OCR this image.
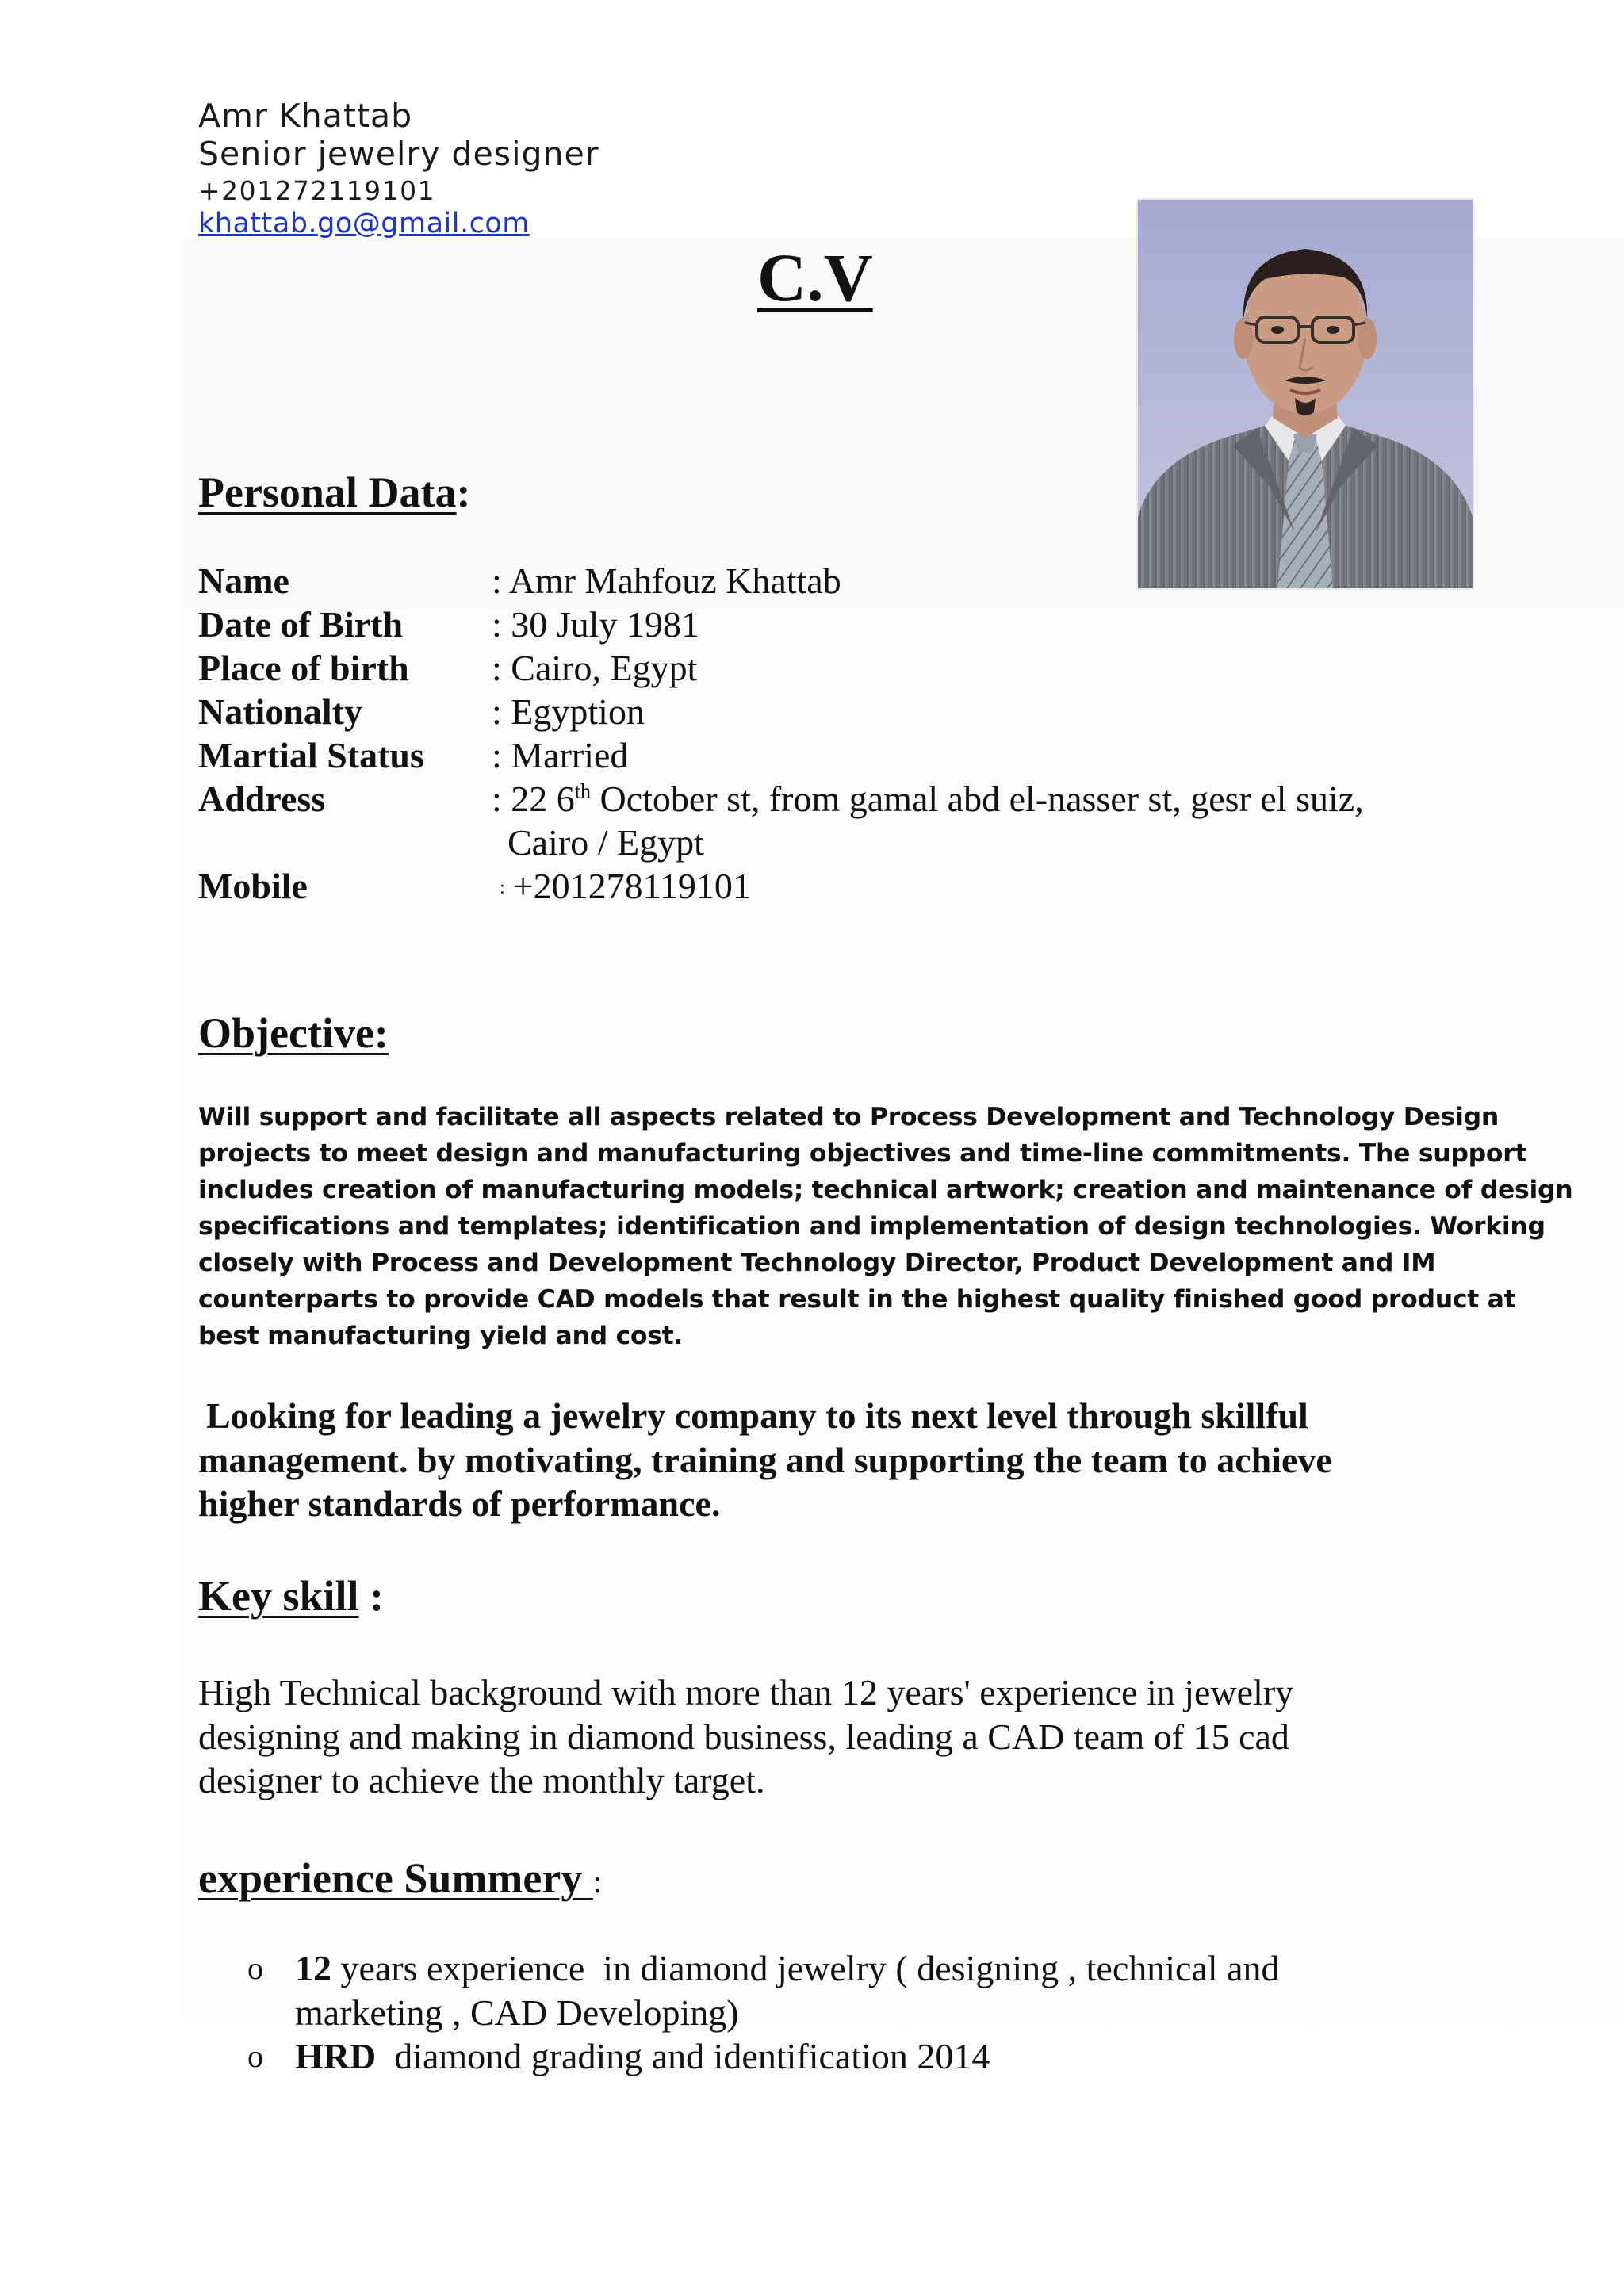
Amr Khattab
Senior jewelry designer
+201272119101
khattab.go@gmail.com
C.V
Personal Data:
Name	: Amr Mahfouz Khattab
Date of Birth : 30 July 1981
Place of birth : Cairo, Egypt
Nationalty	: Egyption
Martial Status : Married
Address	: 22 6th October st, from gamal abd el-nasser st, gesr el suiz,
Cairo / Egypt
Mobile	: +201278119101
Objective:
Will support and facilitate all aspects related to Process Development and Technology Design
projects to meet design and manufacturing objectives and time-line commitments. The support
includes creation of manufacturing models; technical artwork; creation and maintenance of design
specifications and templates; identification and implementation of design technologies. Working
closely with Process and Development Technology Director, Product Development and IM
counterparts to provide CAD models that result in the highest quality finished good product at
best manufacturing yield and cost.
Looking for leading a jewelry company to its next level through skillful
management. by motivating, training and supporting the team to achieve
higher standards of performance.
Key skill :
High Technical background with more than 12 years' experience in jewelry
designing and making in diamond business, leading a CAD team of 15 cad
designer to achieve the monthly target.
experience Summery :
o 12 years experience  in diamond jewelry ( designing , technical and
marketing , CAD Developing)
o HRD  diamond grading and identification 2014
